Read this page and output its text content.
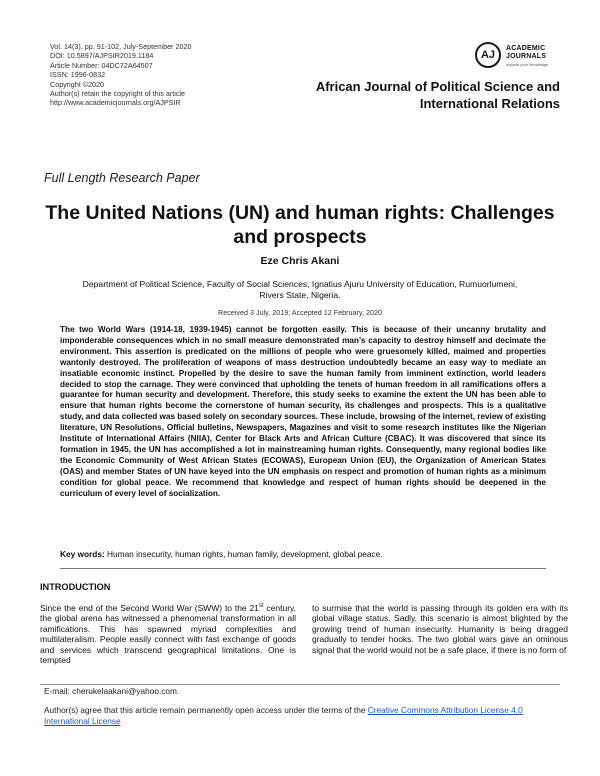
Vol. 14(3), pp. 91-102, July-September 2020
DOI: 10.5897/AJPSIR2019.1184
Article Number: 04DC72A64507
ISSN: 1996-0832
Copyright ©2020
Author(s) retain the copyright of this article
http://www.academicjournals.org/AJPSIR
AJ
ACADEMIC
JOURNALS
expand your knowledge
African Journal of Political Science and
International Relations
Full Length Research Paper
The United Nations (UN) and human rights: Challenges
and prospects
Eze Chris Akani
Department of Political Science, Faculty of Social Sciences, Ignatius Ajuru University of Education, Rumuorlumeni,
Rivers State, Nigeria.
Received 3 July, 2019; Accepted 12 February, 2020
The two World Wars (1914-18, 1939-1945) cannot be forgotten easily. This is because of their uncanny brutality and imponderable consequences which in no small measure demonstrated man’s capacity to destroy himself and decimate the environment. This assertion is predicated on the millions of people who were gruesomely killed, maimed and properties wantonly destroyed. The proliferation of weapons of mass destruction undoubtedly became an easy way to mediate an insatiable economic instinct. Propelled by the desire to save the human family from imminent extinction, world leaders decided to stop the carnage. They were convinced that upholding the tenets of human freedom in all ramifications offers a guarantee for human security and development. Therefore, this study seeks to examine the extent the UN has been able to ensure that human rights become the cornerstone of human security, its challenges and prospects. This is a qualitative study, and data collected was based solely on secondary sources. These include, browsing of the internet, review of existing literature, UN Resolutions, Official bulletins, Newspapers, Magazines and visit to some research institutes like the Nigerian Institute of International Affairs (NIIA), Center for Black Arts and African Culture (CBAC). It was discovered that since its formation in 1945, the UN has accomplished a lot in mainstreaming human rights. Consequently, many regional bodies like the Economic Community of West African States (ECOWAS), European Union (EU), the Organization of American States (OAS) and member States of UN have keyed into the UN emphasis on respect and promotion of human rights as a minimum condition for global peace. We recommend that knowledge and respect of human rights should be deepened in the curriculum of every level of socialization.
Key words: Human insecurity, human rights, human family, development, global peace.
INTRODUCTION
Since the end of the Second World War (SWW) to the 21st century, the global arena has witnessed a phenomenal transformation in all ramifications. This has spawned myriad complexities and multilateralism. People easily connect with fast exchange of goods and services which transcend geographical limitations. One is tempted
to surmise that the world is passing through its golden era with its global village status. Sadly, this scenario is almost blighted by the growing trend of human insecurity. Humanity is being dragged gradually to tender hooks. The two global wars gave an ominous signal that the world would not be a safe place, if there is no form of
E-mail: cherukelaakani@yahoo.com.
Author(s) agree that this article remain permanently open access under the terms of the Creative Commons Attribution License 4.0 International License
